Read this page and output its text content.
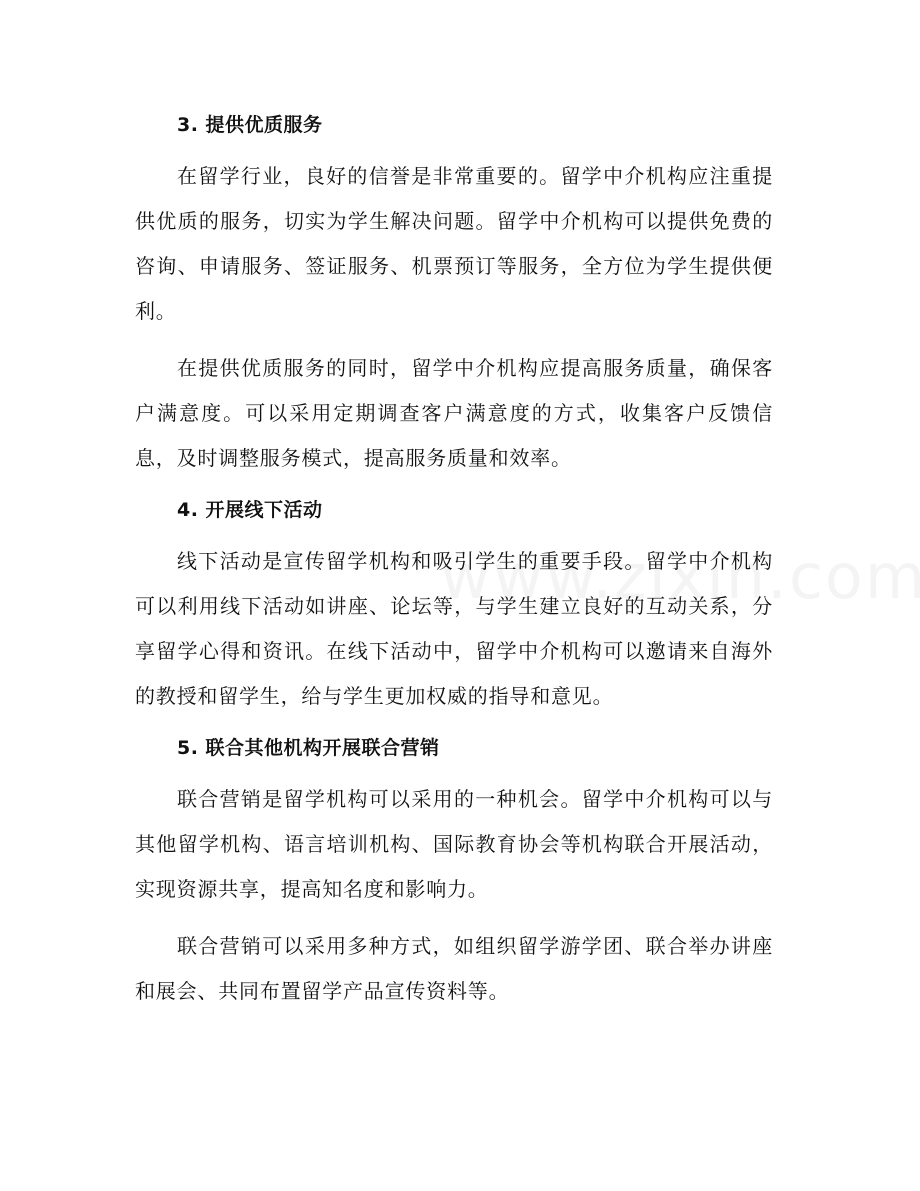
3. 提供优质服务

在留学行业，良好的信誉是非常重要的。留学中介机构应注重提供优质的服务，切实为学生解决问题。留学中介机构可以提供免费的咨询、申请服务、签证服务、机票预订等服务，全方位为学生提供便利。

在提供优质服务的同时，留学中介机构应提高服务质量，确保客户满意度。可以采用定期调查客户满意度的方式，收集客户反馈信息，及时调整服务模式，提高服务质量和效率。

4. 开展线下活动

线下活动是宣传留学机构和吸引学生的重要手段。留学中介机构可以利用线下活动如讲座、论坛等，与学生建立良好的互动关系，分享留学心得和资讯。在线下活动中，留学中介机构可以邀请来自海外的教授和留学生，给与学生更加权威的指导和意见。

5. 联合其他机构开展联合营销

联合营销是留学机构可以采用的一种机会。留学中介机构可以与其他留学机构、语言培训机构、国际教育协会等机构联合开展活动，实现资源共享，提高知名度和影响力。

联合营销可以采用多种方式，如组织留学游学团、联合举办讲座和展会、共同布置留学产品宣传资料等。
